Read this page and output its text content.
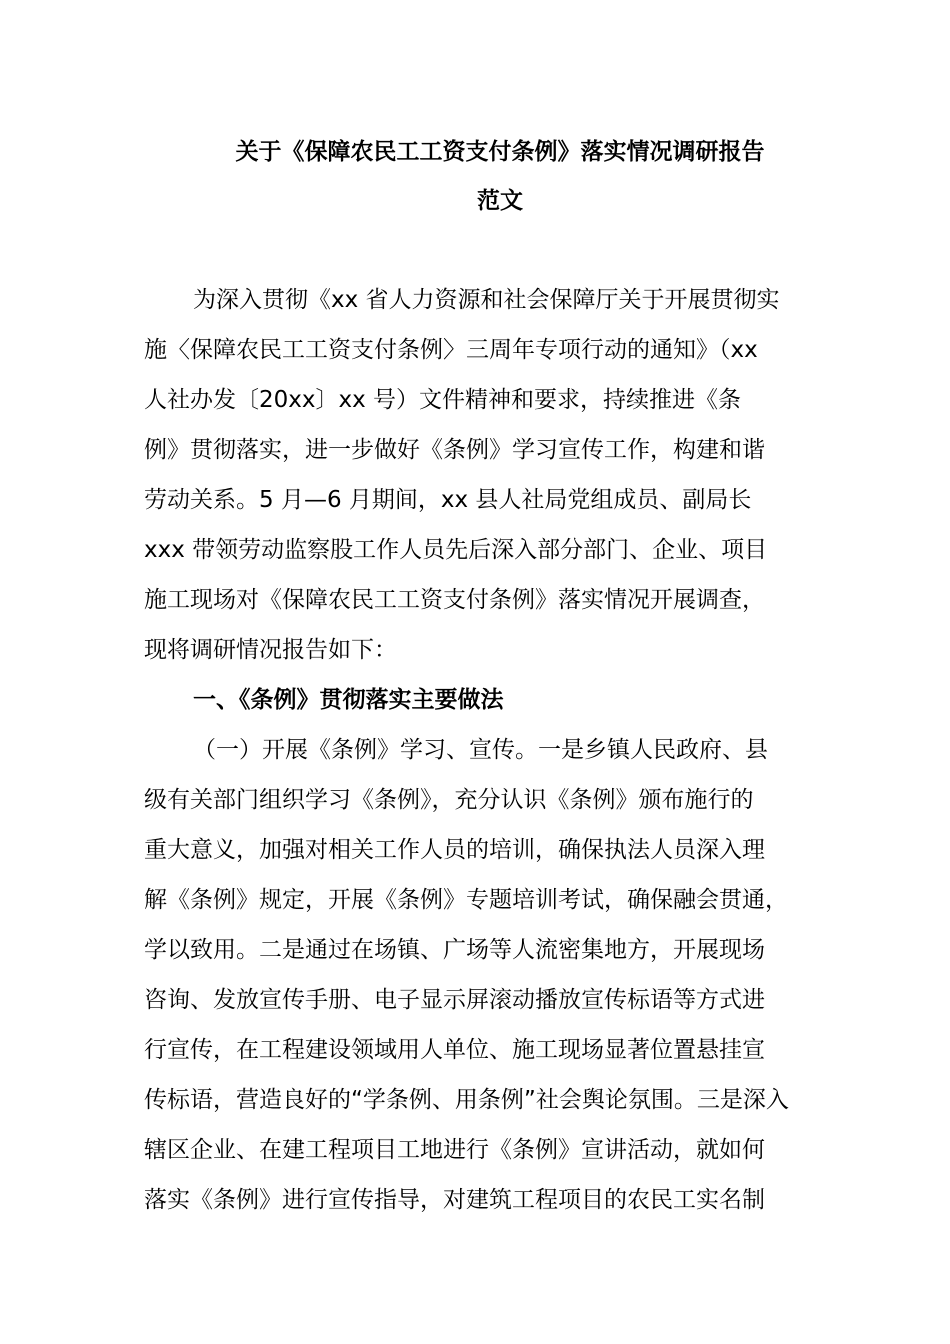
关于《保障农民工工资支付条例》落实情况调研报告
范文
为深入贯彻《xx 省人力资源和社会保障厅关于开展贯彻实
施〈保障农民工工资支付条例〉三周年专项行动的通知》（xx
人社办发〔20xx〕xx 号）文件精神和要求，持续推进《条
例》贯彻落实，进一步做好《条例》学习宣传工作，构建和谐
劳动关系。5 月—6 月期间，xx 县人社局党组成员、副局长
xxx 带领劳动监察股工作人员先后深入部分部门、企业、项目
施工现场对《保障农民工工资支付条例》落实情况开展调查，
现将调研情况报告如下：
一、《条例》贯彻落实主要做法
（一）开展《条例》学习、宣传。一是乡镇人民政府、县
级有关部门组织学习《条例》，充分认识《条例》颁布施行的
重大意义，加强对相关工作人员的培训，确保执法人员深入理
解《条例》规定，开展《条例》专题培训考试，确保融会贯通，
学以致用。二是通过在场镇、广场等人流密集地方，开展现场
咨询、发放宣传手册、电子显示屏滚动播放宣传标语等方式进
行宣传，在工程建设领域用人单位、施工现场显著位置悬挂宣
传标语，营造良好的“学条例、用条例”社会舆论氛围。三是深入
辖区企业、在建工程项目工地进行《条例》宣讲活动，就如何
落实《条例》进行宣传指导，对建筑工程项目的农民工实名制
